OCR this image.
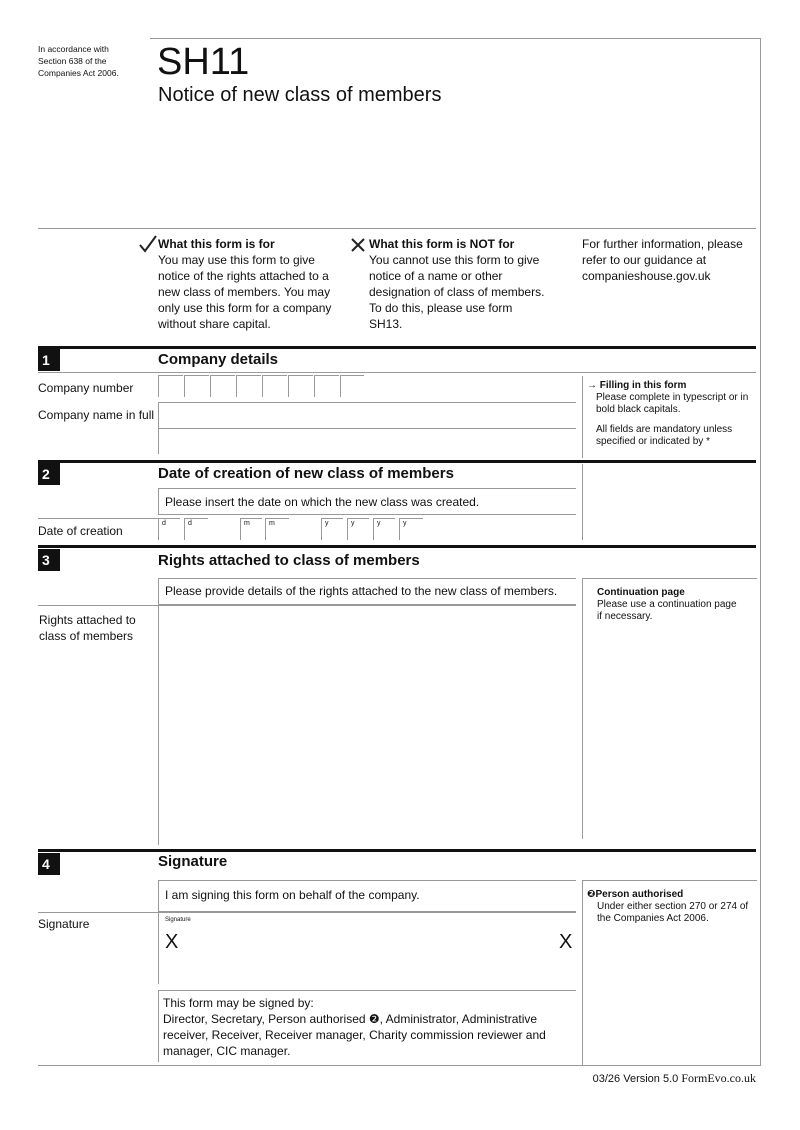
In accordance with Section 638 of the Companies Act 2006.	SH11
Notice of new class of members
What this form is for
You may use this form to give notice of the rights attached to a new class of members. You may only use this form for a company without share capital.
What this form is NOT for
You cannot use this form to give notice of a name or other designation of class of members. To do this, please use form SH13.
For further information, please refer to our guidance at companieshouse.gov.uk
1	Company details
Company number
Company name in full
→ Filling in this form
Please complete in typescript or in bold black capitals.
All fields are mandatory unless specified or indicated by *
2	Date of creation of new class of members
Please insert the date on which the new class was created.
Date of creation
d	d	m	m	y	y	y	y
3	Rights attached to class of members
Please provide details of the rights attached to the new class of members.
Rights attached to class of members
Continuation page
Please use a continuation page if necessary.
4	Signature
I am signing this form on behalf of the company.
Signature	Signature
X	X
This form may be signed by:
Director, Secretary, Person authorised ❷, Administrator, Administrative receiver, Receiver, Receiver manager, Charity commission reviewer and manager, CIC manager.
❷Person authorised
Under either section 270 or 274 of the Companies Act 2006.
03/26 Version 5.0 FormEvo.co.uk
